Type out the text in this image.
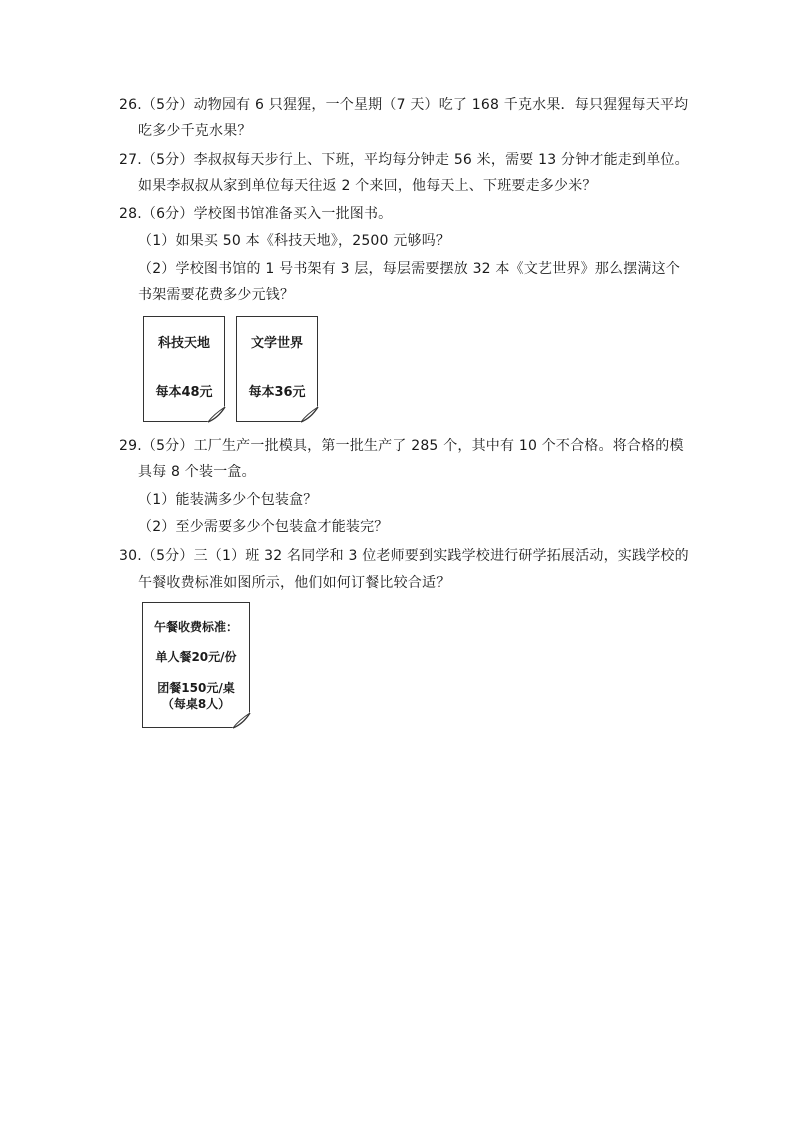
26.（5分）动物园有 6 只猩猩，一个星期（7 天）吃了 168 千克水果．每只猩猩每天平均
吃多少千克水果？
27.（5分）李叔叔每天步行上、下班，平均每分钟走 56 米，需要 13 分钟才能走到单位。
如果李叔叔从家到单位每天往返 2 个来回，他每天上、下班要走多少米？
28.（6分）学校图书馆准备买入一批图书。
（1）如果买 50 本《科技天地》，2500 元够吗？
（2）学校图书馆的 1 号书架有 3 层，每层需要摆放 32 本《文艺世界》那么摆满这个
书架需要花费多少元钱？
科技天地
每本48元
文学世界
每本36元
29.（5分）工厂生产一批模具，第一批生产了 285 个，其中有 10 个不合格。将合格的模
具每 8 个装一盒。
（1）能装满多少个包装盒？
（2）至少需要多少个包装盒才能装完？
30.（5分）三（1）班 32 名同学和 3 位老师要到实践学校进行研学拓展活动，实践学校的
午餐收费标准如图所示，他们如何订餐比较合适？
午餐收费标准：
单人餐20元/份
团餐150元/桌
（每桌8人）
